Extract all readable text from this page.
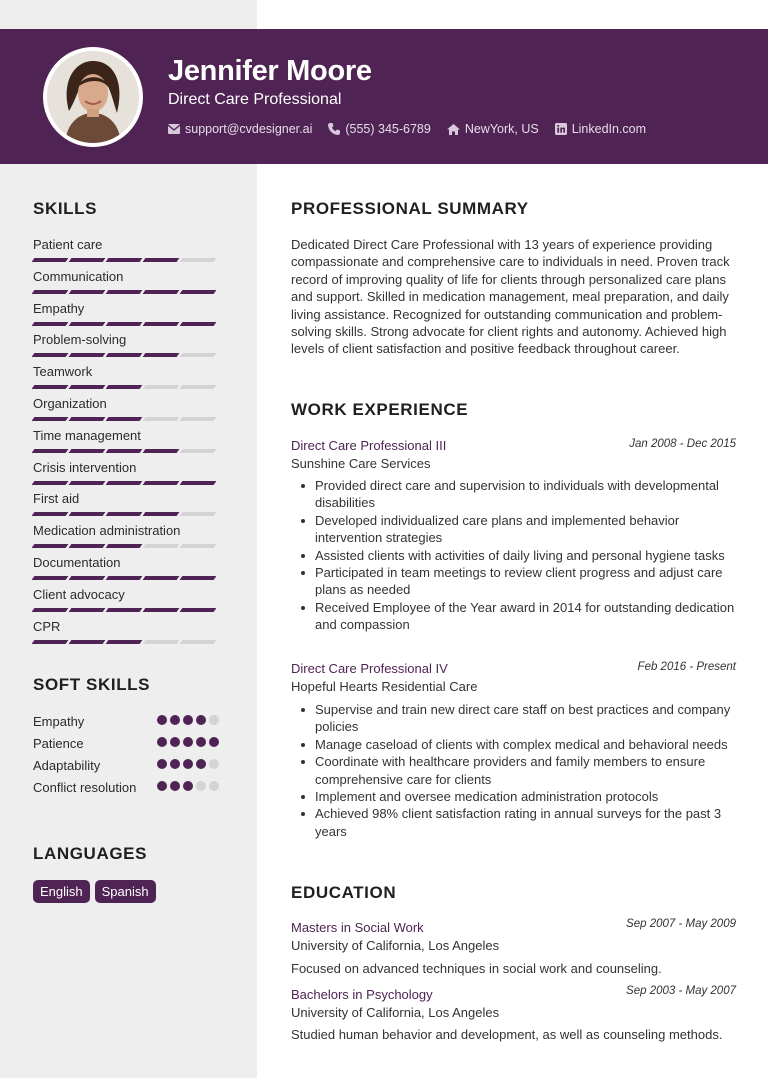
Jennifer Moore
Direct Care Professional
support@cvdesigner.ai	(555) 345-6789	NewYork, US	LinkedIn.com
SKILLS
Patient care
Communication
Empathy
Problem-solving
Teamwork
Organization
Time management
Crisis intervention
First aid
Medication administration
Documentation
Client advocacy
CPR
SOFT SKILLS
Empathy
Patience
Adaptability
Conflict resolution
LANGUAGES
English	Spanish
PROFESSIONAL SUMMARY
Dedicated Direct Care Professional with 13 years of experience providing compassionate and comprehensive care to individuals in need. Proven track record of improving quality of life for clients through personalized care plans and support. Skilled in medication management, meal preparation, and daily living assistance. Recognized for outstanding communication and problem-solving skills. Strong advocate for client rights and autonomy. Achieved high levels of client satisfaction and positive feedback throughout career.
WORK EXPERIENCE
Direct Care Professional III	Jan 2008 - Dec 2015
Sunshine Care Services
Provided direct care and supervision to individuals with developmental disabilities
Developed individualized care plans and implemented behavior intervention strategies
Assisted clients with activities of daily living and personal hygiene tasks
Participated in team meetings to review client progress and adjust care plans as needed
Received Employee of the Year award in 2014 for outstanding dedication and compassion
Direct Care Professional IV	Feb 2016 - Present
Hopeful Hearts Residential Care
Supervise and train new direct care staff on best practices and company policies
Manage caseload of clients with complex medical and behavioral needs
Coordinate with healthcare providers and family members to ensure comprehensive care for clients
Implement and oversee medication administration protocols
Achieved 98% client satisfaction rating in annual surveys for the past 3 years
EDUCATION
Masters in Social Work	Sep 2007 - May 2009
University of California, Los Angeles
Focused on advanced techniques in social work and counseling.
Bachelors in Psychology	Sep 2003 - May 2007
University of California, Los Angeles
Studied human behavior and development, as well as counseling methods.
